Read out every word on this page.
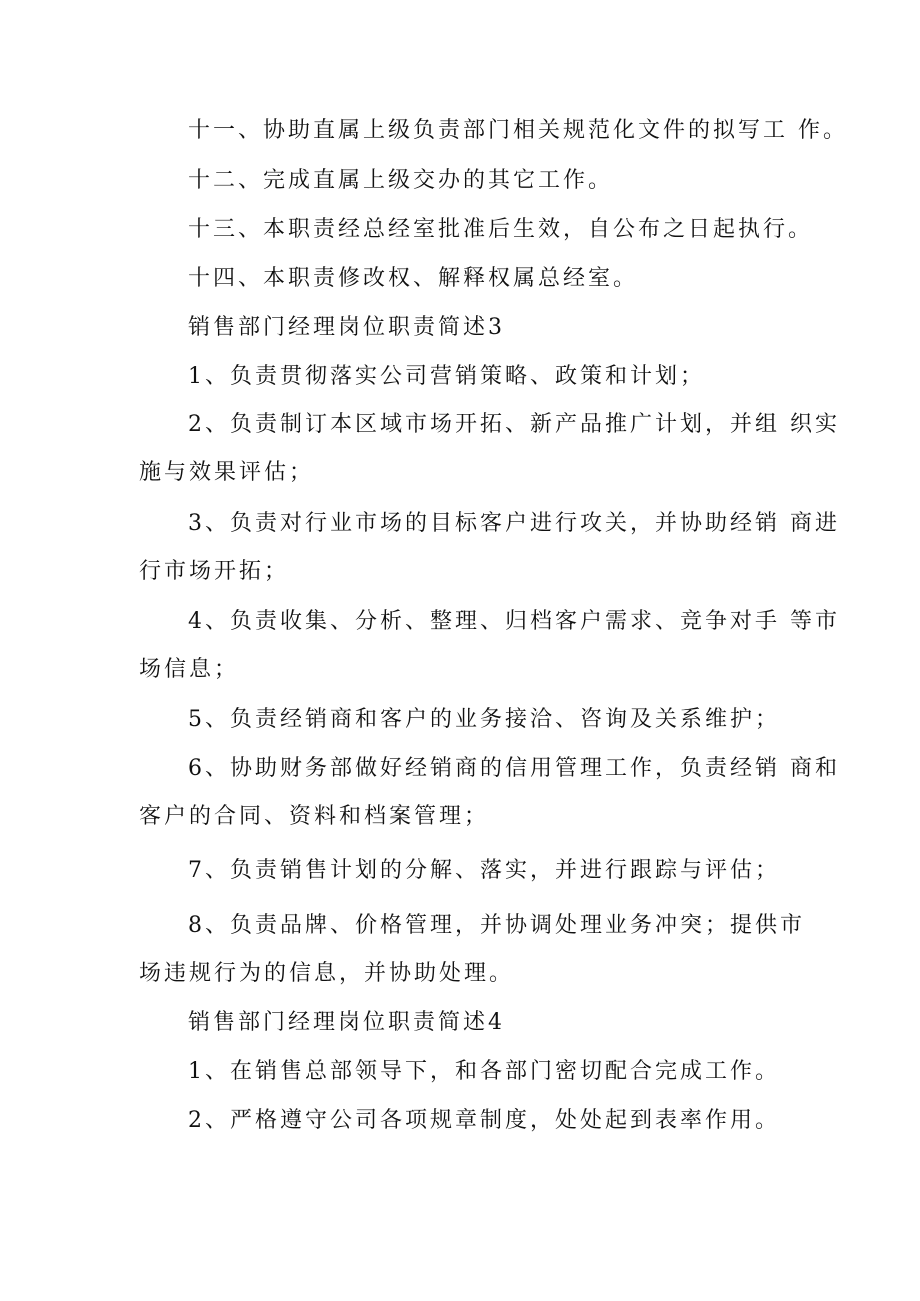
十一、协助直属上级负责部门相关规范化文件的拟写工 作。
十二、完成直属上级交办的其它工作。
十三、本职责经总经室批准后生效，自公布之日起执行。
十四、本职责修改权、解释权属总经室。
销售部门经理岗位职责简述3
1、负责贯彻落实公司营销策略、政策和计划；
2、负责制订本区域市场开拓、新产品推广计划，并组 织实
施与效果评估；
3、负责对行业市场的目标客户进行攻关，并协助经销 商进
行市场开拓；
4、负责收集、分析、整理、归档客户需求、竞争对手 等市
场信息；
5、负责经销商和客户的业务接洽、咨询及关系维护；
6、协助财务部做好经销商的信用管理工作，负责经销 商和
客户的合同、资料和档案管理；
7、负责销售计划的分解、落实，并进行跟踪与评估；
8、负责品牌、价格管理，并协调处理业务冲突；提供市
场违规行为的信息，并协助处理。
销售部门经理岗位职责简述4
1、在销售总部领导下，和各部门密切配合完成工作。
2、严格遵守公司各项规章制度，处处起到表率作用。
